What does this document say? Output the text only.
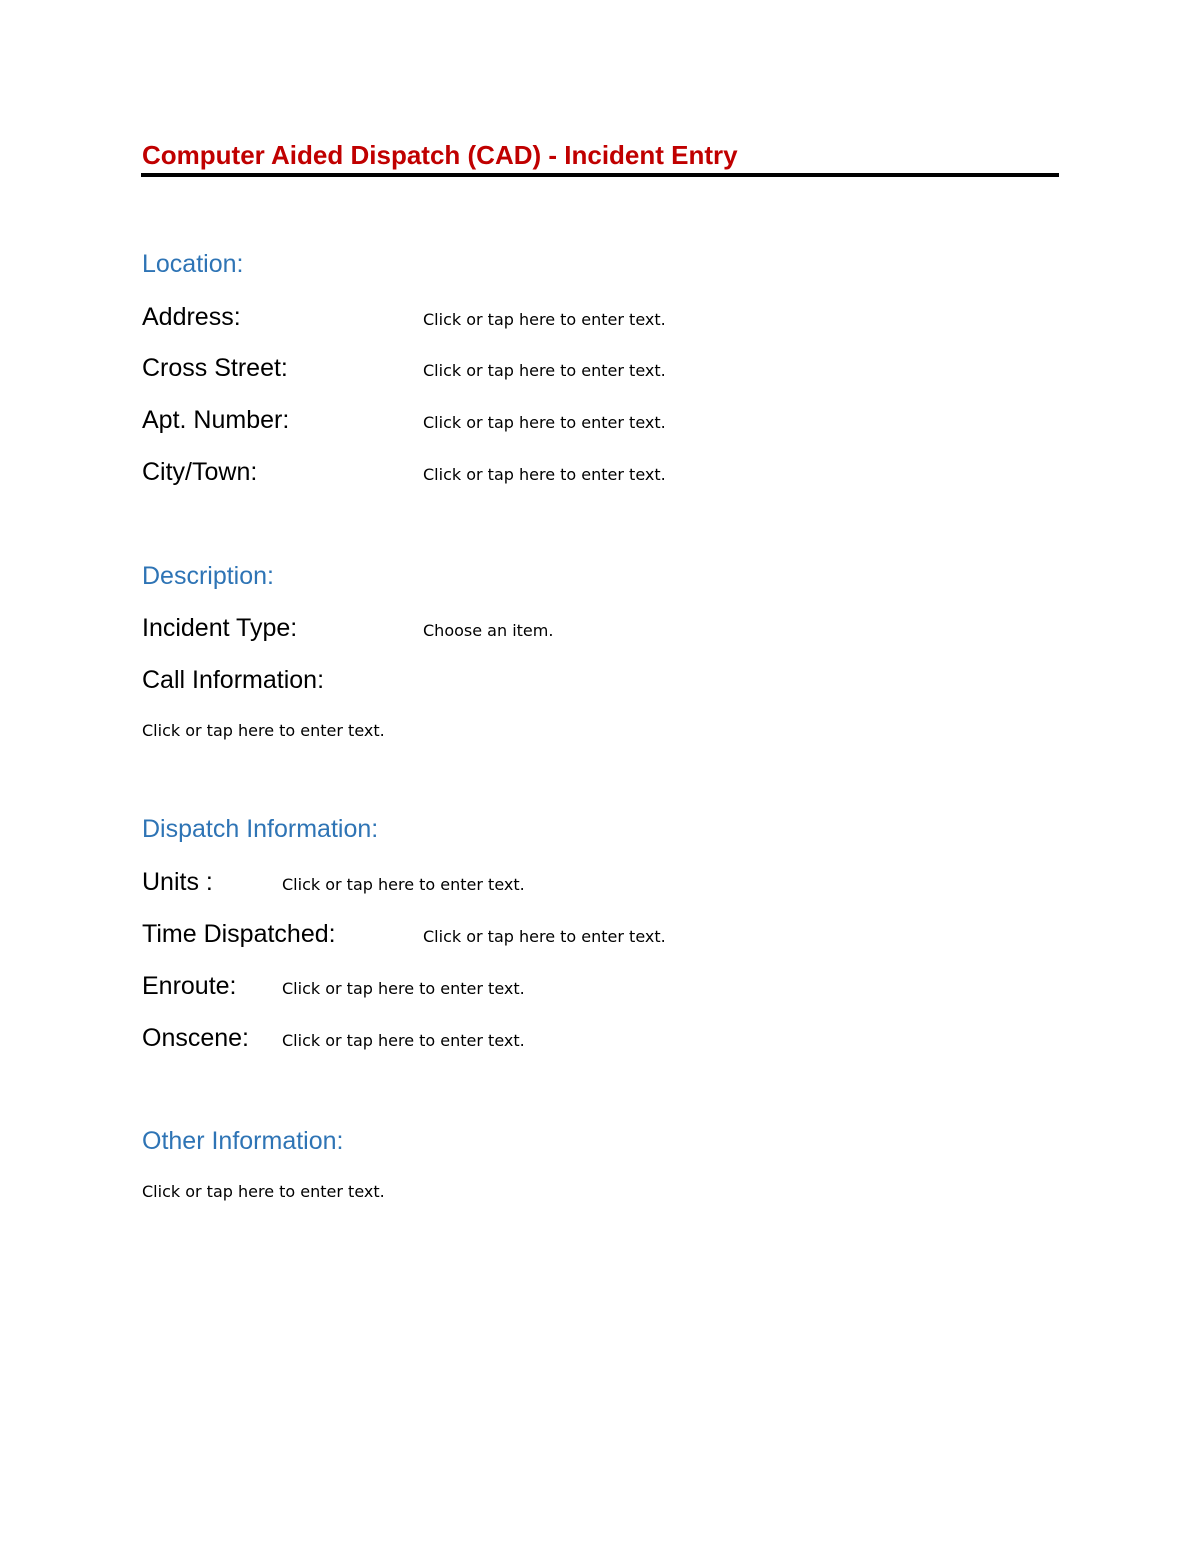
Computer Aided Dispatch (CAD) - Incident Entry
Location:
Address:	Click or tap here to enter text.
Cross Street:	Click or tap here to enter text.
Apt. Number:	Click or tap here to enter text.
City/Town:	Click or tap here to enter text.
Description:
Incident Type:	Choose an item.
Call Information:
Click or tap here to enter text.
Dispatch Information:
Units :	Click or tap here to enter text.
Time Dispatched:	Click or tap here to enter text.
Enroute:	Click or tap here to enter text.
Onscene: Click or tap here to enter text.
Other Information:
Click or tap here to enter text.
